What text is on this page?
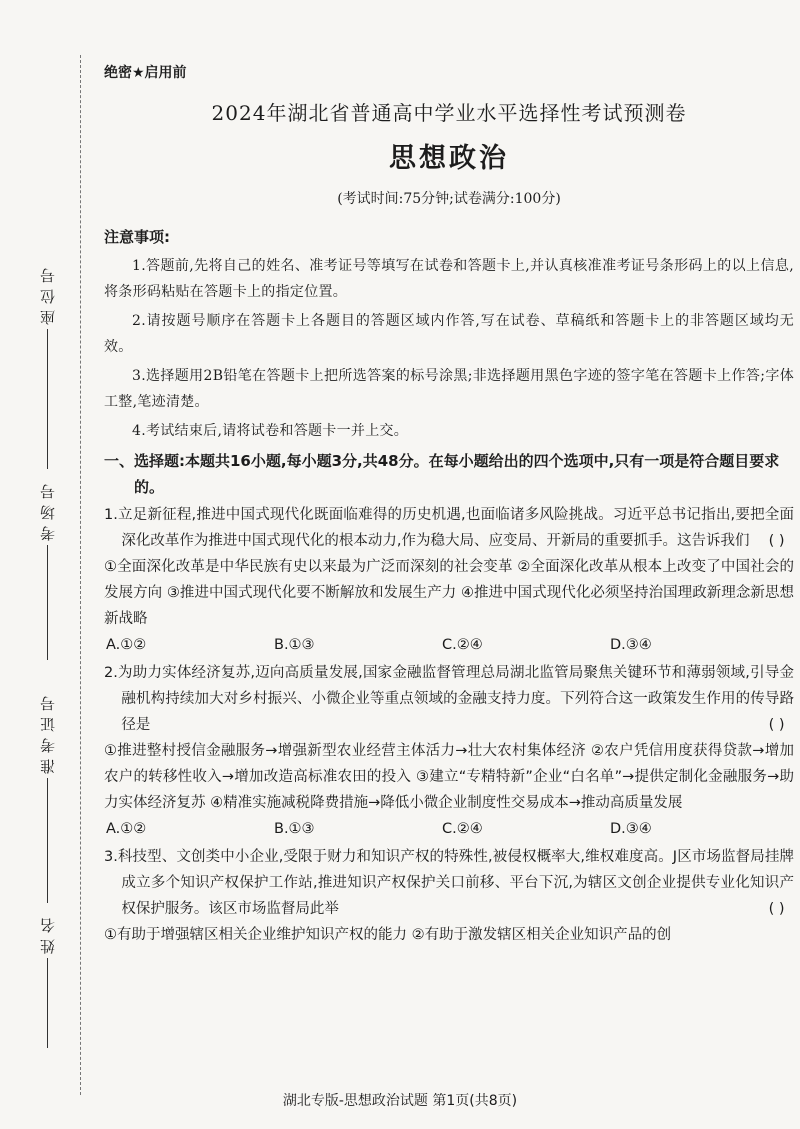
座位号
考场号
准考证号
姓名
绝密★启用前
2024年湖北省普通高中学业水平选择性考试预测卷
思想政治
(考试时间:75分钟;试卷满分:100分)
注意事项:
1.答题前,先将自己的姓名、准考证号等填写在试卷和答题卡上,并认真核准准考证号条形码上的以上信息,将条形码粘贴在答题卡上的指定位置。
2.请按题号顺序在答题卡上各题目的答题区域内作答,写在试卷、草稿纸和答题卡上的非答题区域均无效。
3.选择题用2B铅笔在答题卡上把所选答案的标号涂黑;非选择题用黑色字迹的签字笔在答题卡上作答;字体工整,笔迹清楚。
4.考试结束后,请将试卷和答题卡一并上交。
一、选择题:本题共16小题,每小题3分,共48分。在每小题给出的四个选项中,只有一项是符合题目要求的。
1.立足新征程,推进中国式现代化既面临难得的历史机遇,也面临诸多风险挑战。习近平总书记指出,要把全面深化改革作为推进中国式现代化的根本动力,作为稳大局、应变局、开新局的重要抓手。这告诉我们 ( )
①全面深化改革是中华民族有史以来最为广泛而深刻的社会变革 ②全面深化改革从根本上改变了中国社会的发展方向 ③推进中国式现代化要不断解放和发展生产力 ④推进中国式现代化必须坚持治国理政新理念新思想新战略
A.①②	B.①③	C.②④	D.③④
2.为助力实体经济复苏,迈向高质量发展,国家金融监督管理总局湖北监管局聚焦关键环节和薄弱领域,引导金融机构持续加大对乡村振兴、小微企业等重点领域的金融支持力度。下列符合这一政策发生作用的传导路径是	( )
①推进整村授信金融服务→增强新型农业经营主体活力→壮大农村集体经济 ②农户凭信用度获得贷款→增加农户的转移性收入→增加改造高标准农田的投入 ③建立“专精特新”企业“白名单”→提供定制化金融服务→助力实体经济复苏 ④精准实施减税降费措施→降低小微企业制度性交易成本→推动高质量发展
A.①②	B.①③	C.②④	D.③④
3.科技型、文创类中小企业,受限于财力和知识产权的特殊性,被侵权概率大,维权难度高。J区市场监督局挂牌成立多个知识产权保护工作站,推进知识产权保护关口前移、平台下沉,为辖区文创企业提供专业化知识产权保护服务。该区市场监督局此举	( )
①有助于增强辖区相关企业维护知识产权的能力 ②有助于激发辖区相关企业知识产品的创
湖北专版-思想政治试题 第1页(共8页)
